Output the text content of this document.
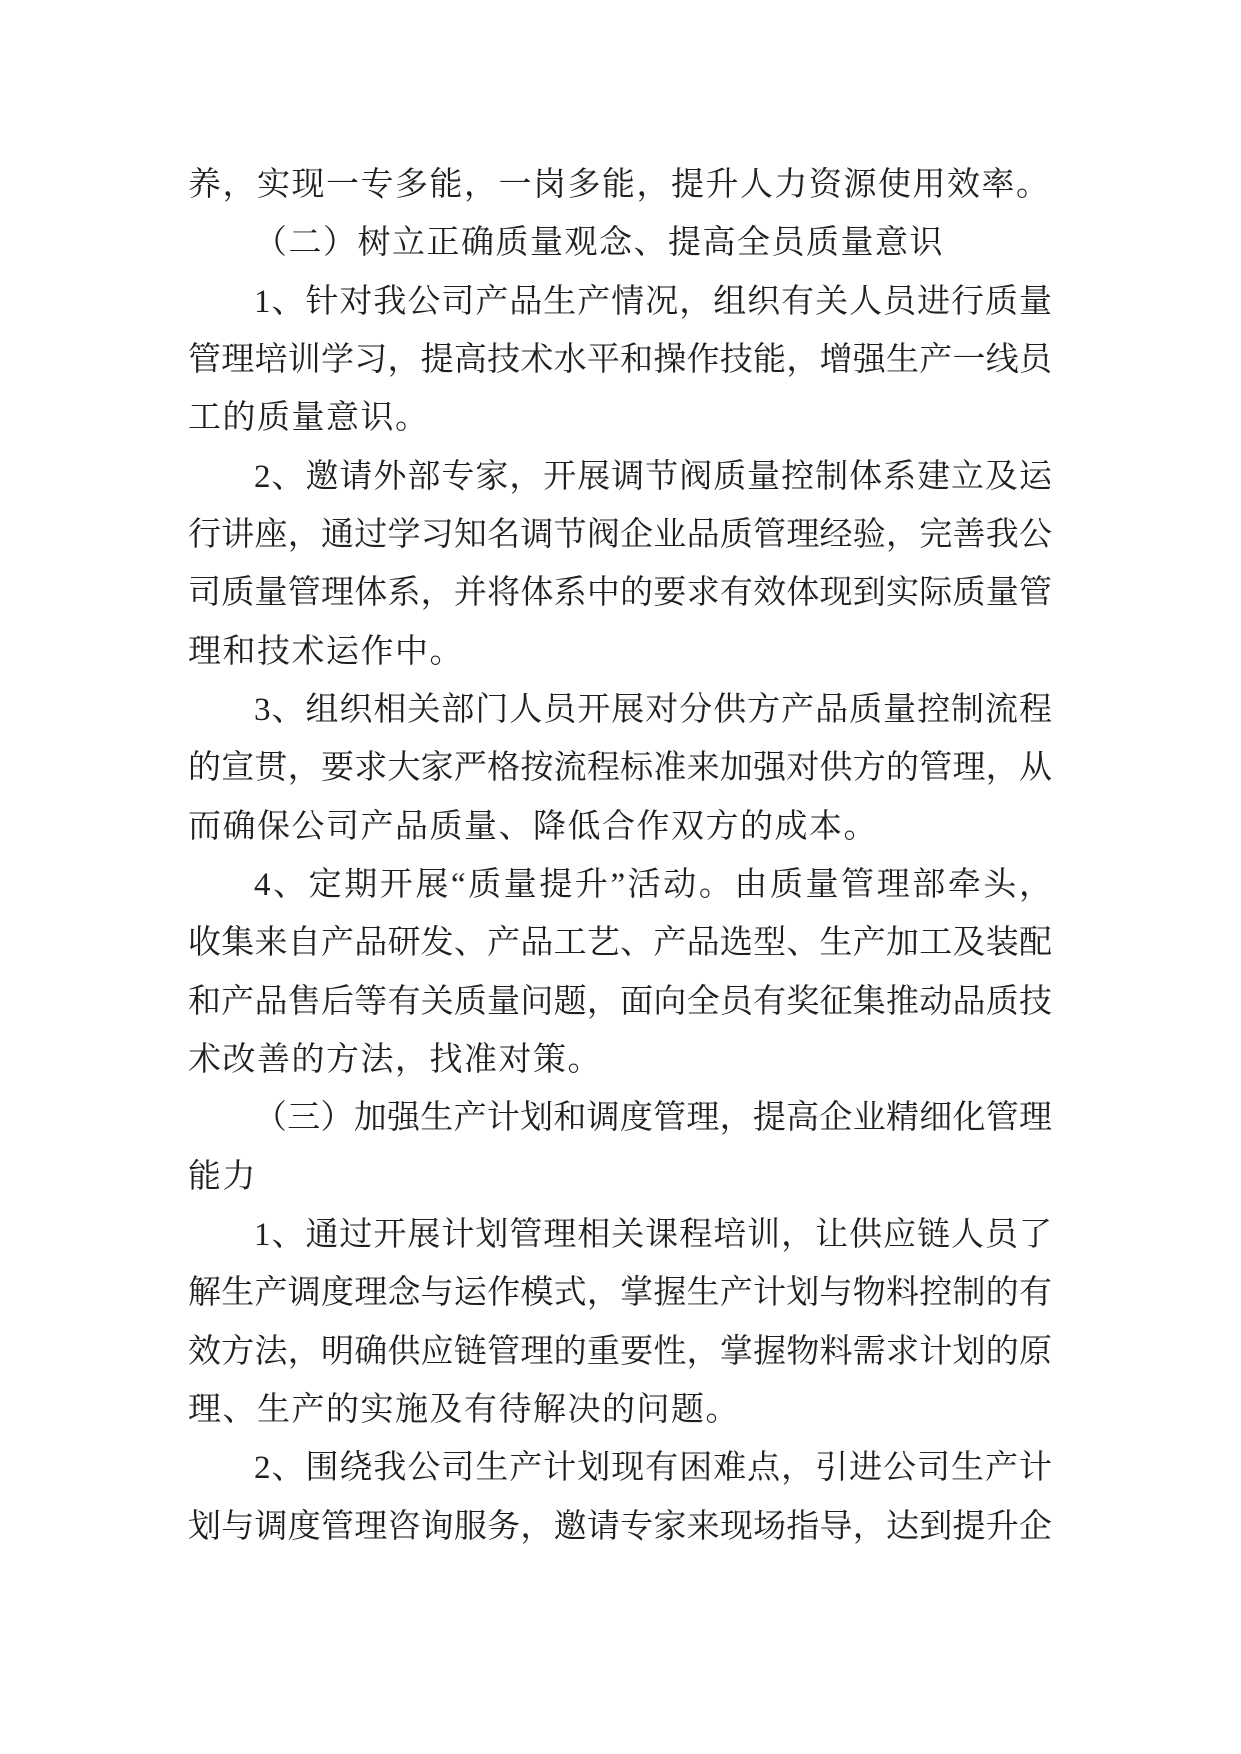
养，实现一专多能，一岗多能，提升人力资源使用效率。
（二）树立正确质量观念、提高全员质量意识
1、针对我公司产品生产情况，组织有关人员进行质量
管理培训学习，提高技术水平和操作技能，增强生产一线员
工的质量意识。
2、邀请外部专家，开展调节阀质量控制体系建立及运
行讲座，通过学习知名调节阀企业品质管理经验，完善我公
司质量管理体系，并将体系中的要求有效体现到实际质量管
理和技术运作中。
3、组织相关部门人员开展对分供方产品质量控制流程
的宣贯，要求大家严格按流程标准来加强对供方的管理，从
而确保公司产品质量、降低合作双方的成本。
4、定期开展“质量提升”活动。由质量管理部牵头，
收集来自产品研发、产品工艺、产品选型、生产加工及装配
和产品售后等有关质量问题，面向全员有奖征集推动品质技
术改善的方法，找准对策。
（三）加强生产计划和调度管理，提高企业精细化管理
能力
1、通过开展计划管理相关课程培训，让供应链人员了
解生产调度理念与运作模式，掌握生产计划与物料控制的有
效方法，明确供应链管理的重要性，掌握物料需求计划的原
理、生产的实施及有待解决的问题。
2、围绕我公司生产计划现有困难点，引进公司生产计
划与调度管理咨询服务，邀请专家来现场指导，达到提升企
